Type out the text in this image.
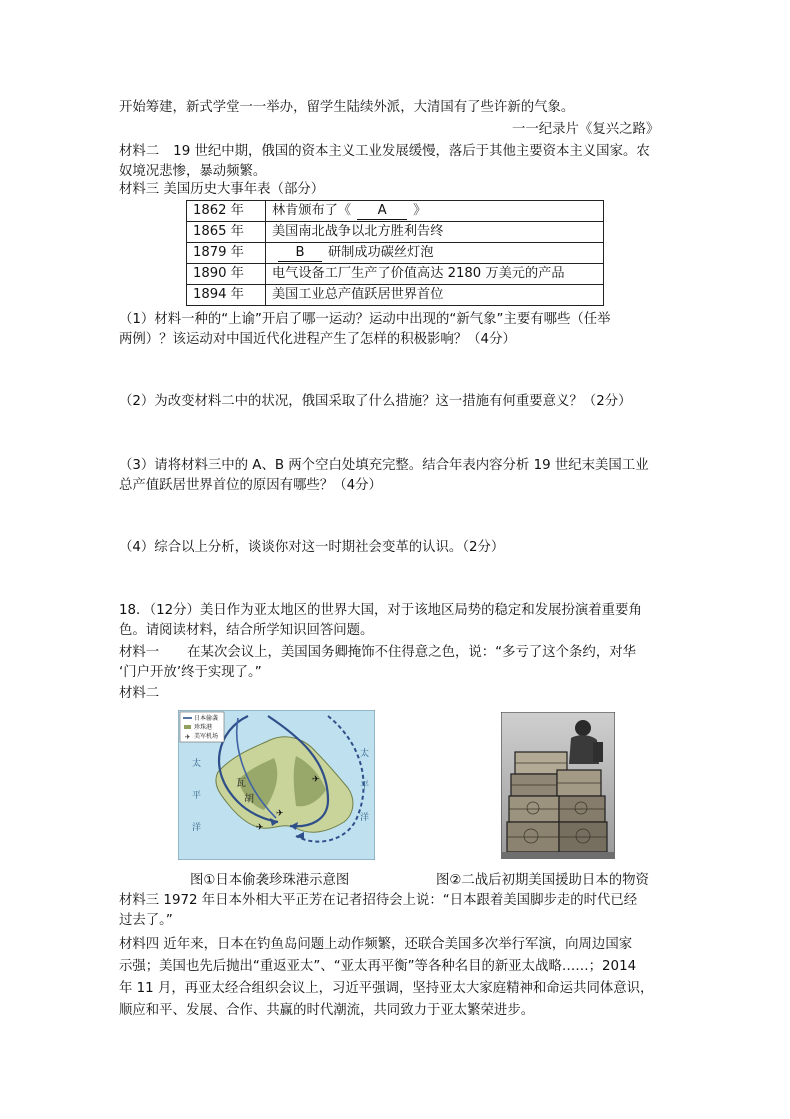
开始筹建，新式学堂一一举办，留学生陆续外派，大清国有了些许新的气象。
一一纪录片《复兴之路》
材料二 19 世纪中期，俄国的资本主义工业发展缓慢，落后于其他主要资本主义国家。农
奴境况悲惨，暴动频繁。
材料三 美国历史大事年表（部分）
1862 年	林肯颁布了《 A 》
1865 年	美国南北战争以北方胜利告终
1879 年	B 研制成功碳丝灯泡
1890 年	电气设备工厂生产了价值高达 2180 万美元的产品
1894 年	美国工业总产值跃居世界首位
（1）材料一种的“上谕”开启了哪一运动？运动中出现的“新气象”主要有哪些（任举
两例）？该运动对中国近代化进程产生了怎样的积极影响？（4分）
（2）为改变材料二中的状况，俄国采取了什么措施？这一措施有何重要意义？（2分）
（3）请将材料三中的 A、B 两个空白处填充完整。结合年表内容分析 19 世纪末美国工业
总产值跃居世界首位的原因有哪些？（4分）
（4）综合以上分析，谈谈你对这一时期社会变革的认识。（2分）
18．（12分）美日作为亚太地区的世界大国，对于该地区局势的稳定和发展扮演着重要角
色。请阅读材料，结合所学知识回答问题。
材料一 在某次会议上，美国国务卿掩饰不住得意之色，说：“多亏了这个条约，对华
‘门户开放’终于实现了。”
材料二
✈
✈
✈
✈
日本偷袭
珍珠港
美军机场
瓦
胡
太
平
洋
太
平
洋
图①日本偷袭珍珠港示意图	图②二战后初期美国援助日本的物资
材料三 1972 年日本外相大平正芳在记者招待会上说：“日本跟着美国脚步走的时代已经
过去了。”
材料四 近年来，日本在钓鱼岛问题上动作频繁，还联合美国多次举行军演，向周边国家
示强；美国也先后抛出“重返亚太”、“亚太再平衡”等各种名目的新亚太战略……；2014
年 11 月，再亚太经合组织会议上，习近平强调，坚持亚太大家庭精神和命运共同体意识，
顺应和平、发展、合作、共赢的时代潮流，共同致力于亚太繁荣进步。
